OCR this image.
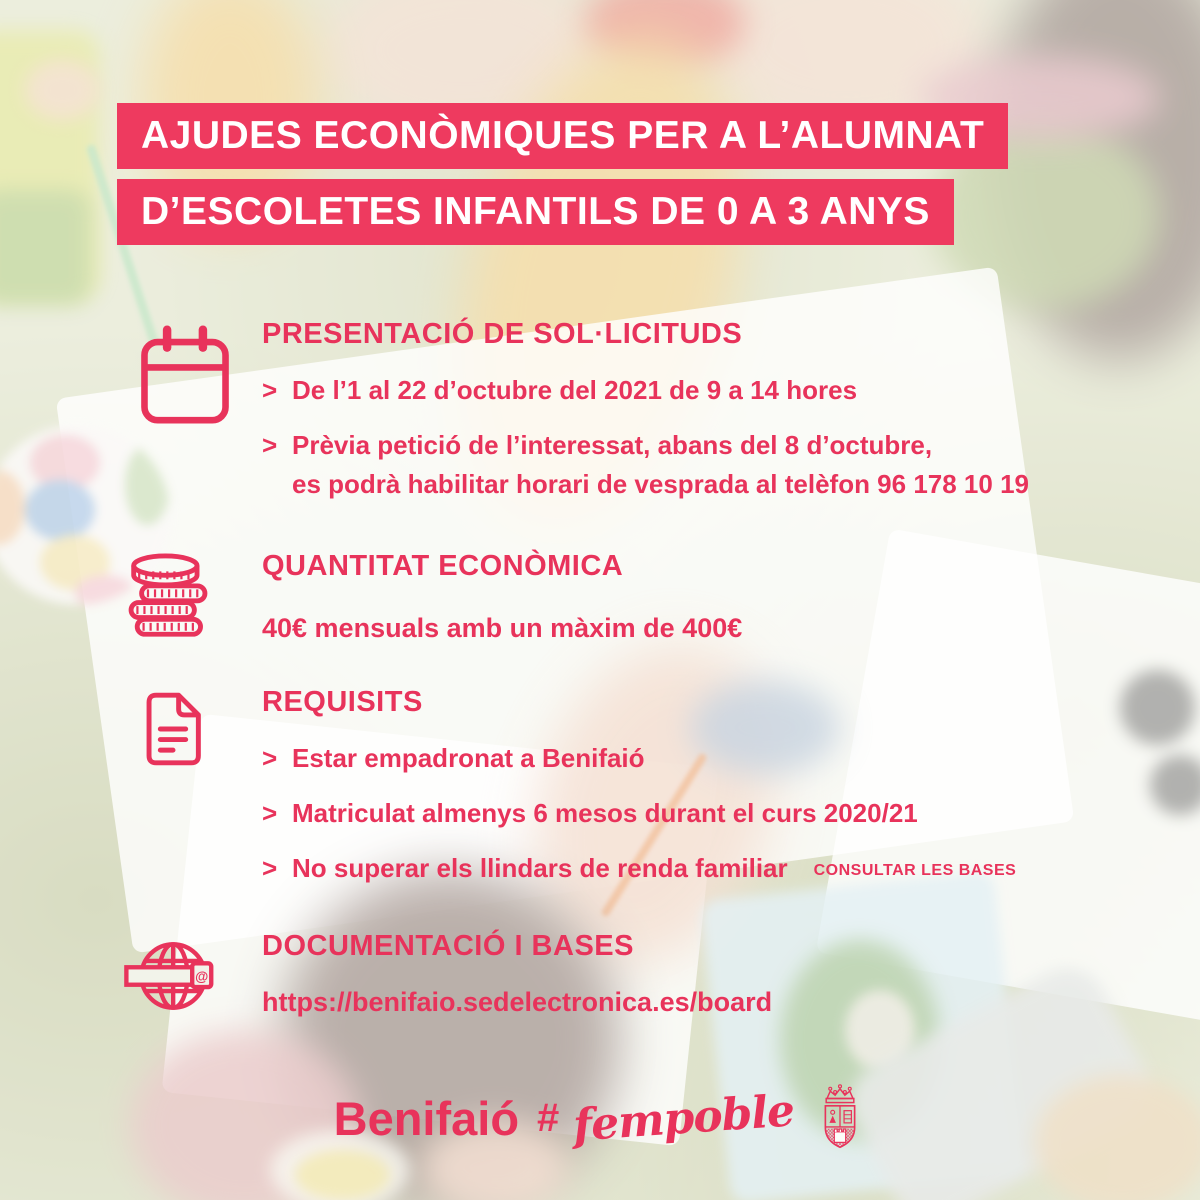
AJUDES ECONÒMIQUES PER A L’ALUMNAT
D’ESCOLETES INFANTILS DE 0 A 3 ANYS
PRESENTACIÓ DE SOL·LICITUDS
> De l’1 al 22 d’octubre del 2021 de 9 a 14 hores
> Prèvia petició de l’interessat, abans del 8 d’octubre,
es podrà habilitar horari de vesprada al telèfon 96 178 10 19
QUANTITAT ECONÒMICA
40€ mensuals amb un màxim de 400€
REQUISITS
> Estar empadronat a Benifaió
> Matriculat almenys 6 mesos durant el curs 2020/21
> No superar els llindars de renda familiar CONSULTAR LES BASES
@
DOCUMENTACIÓ I BASES
https://benifaio.sedelectronica.es/board
Benifaió # fempoble
